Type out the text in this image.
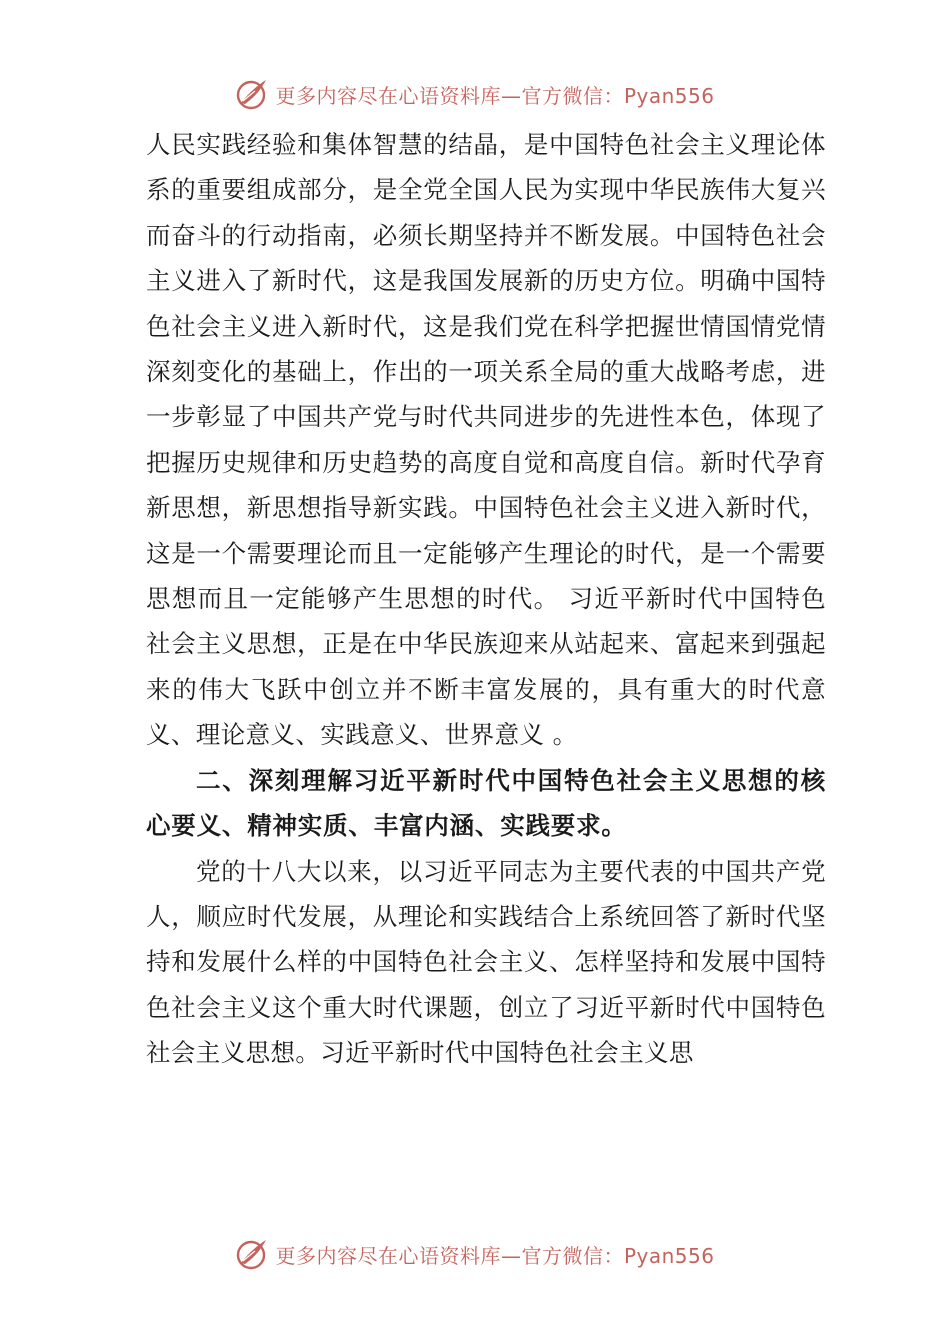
更多内容尽在心语资料库—官方微信：Pyan556

人民实践经验和集体智慧的结晶，是中国特色社会主义理论体系的重要组成部分，是全党全国人民为实现中华民族伟大复兴而奋斗的行动指南，必须长期坚持并不断发展。中国特色社会主义进入了新时代，这是我国发展新的历史方位。明确中国特色社会主义进入新时代，这是我们党在科学把握世情国情党情深刻变化的基础上，作出的一项关系全局的重大战略考虑，进一步彰显了中国共产党与时代共同进步的先进性本色，体现了把握历史规律和历史趋势的高度自觉和高度自信。新时代孕育新思想，新思想指导新实践。中国特色社会主义进入新时代，这是一个需要理论而且一定能够产生理论的时代，是一个需要思想而且一定能够产生思想的时代。 习近平新时代中国特色社会主义思想，正是在中华民族迎来从站起来、富起来到强起来的伟大飞跃中创立并不断丰富发展的，具有重大的时代意义、理论意义、实践意义、世界意义 。

二、深刻理解习近平新时代中国特色社会主义思想的核心要义、精神实质、丰富内涵、实践要求。

党的十八大以来，以习近平同志为主要代表的中国共产党人，顺应时代发展，从理论和实践结合上系统回答了新时代坚持和发展什么样的中国特色社会主义、怎样坚持和发展中国特色社会主义这个重大时代课题，创立了习近平新时代中国特色社会主义思想。习近平新时代中国特色社会主义思

更多内容尽在心语资料库—官方微信：Pyan556
